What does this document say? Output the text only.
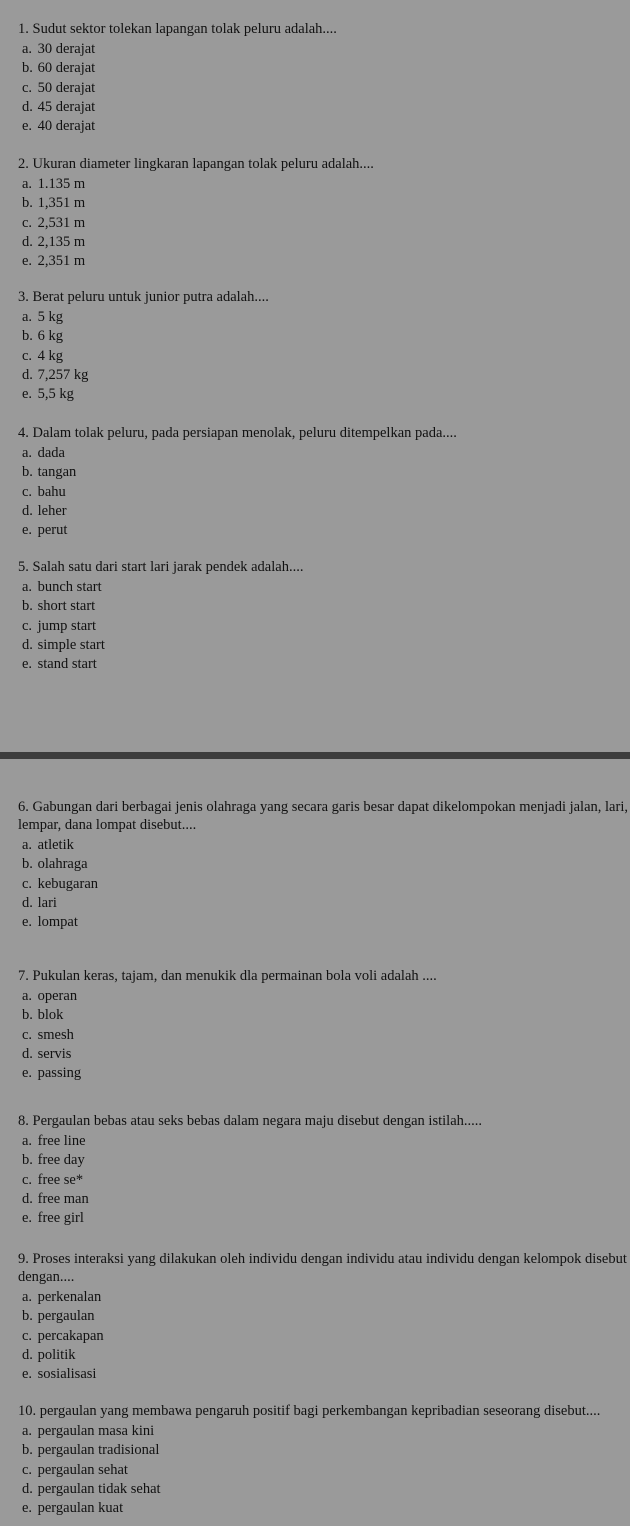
1. Sudut sektor tolekan lapangan tolak peluru adalah....

a. 30 derajat
b. 60 derajat
c. 50 derajat
d. 45 derajat
e. 40 derajat

2. Ukuran diameter lingkaran lapangan tolak peluru adalah....

a. 1.135 m
b. 1,351 m
c. 2,531 m
d. 2,135 m
e. 2,351 m

3. Berat peluru untuk junior putra adalah....

a. 5 kg
b. 6 kg
c. 4 kg
d. 7,257 kg
e. 5,5 kg

4. Dalam tolak peluru, pada persiapan menolak, peluru ditempelkan pada....

a. dada
b. tangan
c. bahu
d. leher
e. perut

5. Salah satu dari start lari jarak pendek adalah....

a. bunch start
b. short start
c. jump start
d. simple start
e. stand start

6. Gabungan dari berbagai jenis olahraga yang secara garis besar dapat dikelompokan menjadi jalan, lari, lempar, dana lompat disebut....

a. atletik
b. olahraga
c. kebugaran
d. lari
e. lompat

7. Pukulan keras, tajam, dan menukik dla permainan bola voli adalah ....

a. operan
b. blok
c. smesh
d. servis
e. passing

8. Pergaulan bebas atau seks bebas dalam negara maju disebut dengan istilah.....

a. free line
b. free day
c. free se*
d. free man
e. free girl

9. Proses interaksi yang dilakukan oleh individu dengan individu atau individu dengan kelompok disebut dengan....

a. perkenalan
b. pergaulan
c. percakapan
d. politik
e. sosialisasi

10. pergaulan yang membawa pengaruh positif bagi perkembangan kepribadian seseorang disebut....

a. pergaulan masa kini
b. pergaulan tradisional
c. pergaulan sehat
d. pergaulan tidak sehat
e. pergaulan kuat
